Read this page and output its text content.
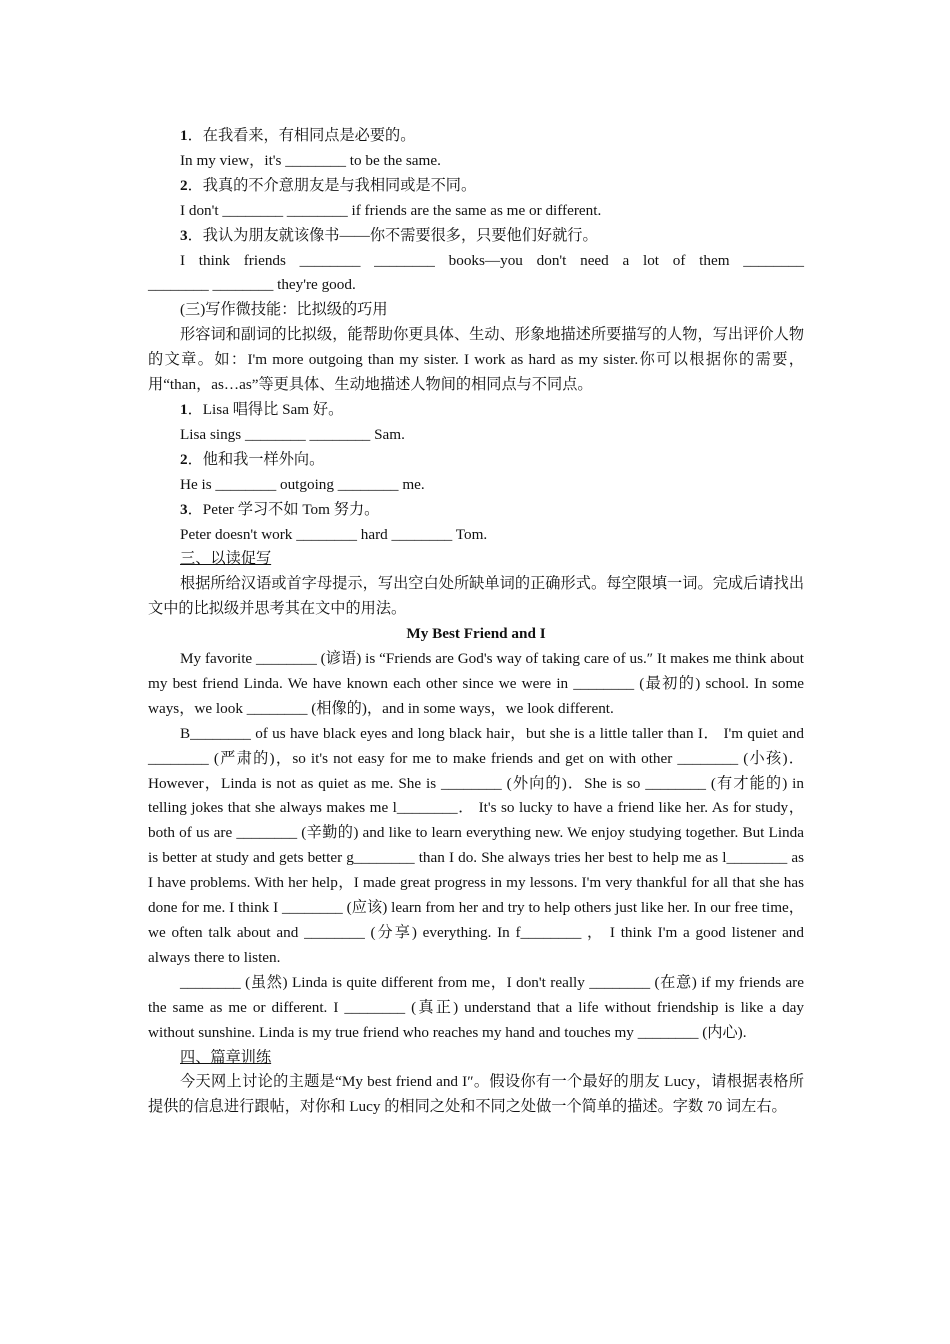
1．在我看来，有相同点是必要的。

In my view，it's ________ to be the same.

2．我真的不介意朋友是与我相同或是不同。

I don't ________ ________ if friends are the same as me or different.

3．我认为朋友就该像书——你不需要很多，只要他们好就行。

I think friends ________ ________ books—you don't need a lot of them ________

________ ________ they're good.

(三)写作微技能：比拟级的巧用

形容词和副词的比拟级，能帮助你更具体、生动、形象地描述所要描写的人物，写出评价人物的文章。如：I'm more outgoing than my sister. I work as hard as my sister.你可以根据你的需要，用“than，as…as”等更具体、生动地描述人物间的相同点与不同点。

1．Lisa 唱得比 Sam 好。

Lisa sings ________ ________ Sam.

2．他和我一样外向。

He is ________ outgoing ________ me.

3．Peter 学习不如 Tom 努力。

Peter doesn't work ________ hard ________ Tom.

三、以读促写

根据所给汉语或首字母提示，写出空白处所缺单词的正确形式。每空限填一词。完成后请找出文中的比拟级并思考其在文中的用法。

My Best Friend and I

My favorite ________ (谚语) is “Friends are God's way of taking care of us.″ It makes me think about my best friend Linda. We have known each other since we were in ________ (最初的) school. In some ways，we look ________ (相像的)，and in some ways，we look different.

B________ of us have black eyes and long black hair，but she is a little taller than I． I'm quiet and ________ (严肃的)，so it's not easy for me to make friends and get on with other ________ (小孩)．However，Linda is not as quiet as me. She is ________ (外向的)．She is so ________ (有才能的) in telling jokes that she always makes me l________． It's so lucky to have a friend like her. As for study， both of us are ________ (辛勤的) and like to learn everything new. We enjoy studying together. But Linda is better at study and gets better g________ than I do. She always tries her best to help me as l________ as I have problems. With her help，I made great progress in my lessons. I'm very thankful for all that she has done for me. I think I ________ (应该) learn from her and try to help others just like her. In our free time， we often talk about and ________ (分享) everything. In f________ ， I think I'm a good listener and always there to listen.

________ (虽然) Linda is quite different from me，I don't really ________ (在意) if my friends are the same as me or different. I ________ (真正) understand that a life without friendship is like a day without sunshine. Linda is my true friend who reaches my hand and touches my ________ (内心).

四、篇章训练

今天网上讨论的主题是“My best friend and I″。假设你有一个最好的朋友 Lucy，请根据表格所提供的信息进行跟帖，对你和 Lucy 的相同之处和不同之处做一个简单的描述。字数 70 词左右。
